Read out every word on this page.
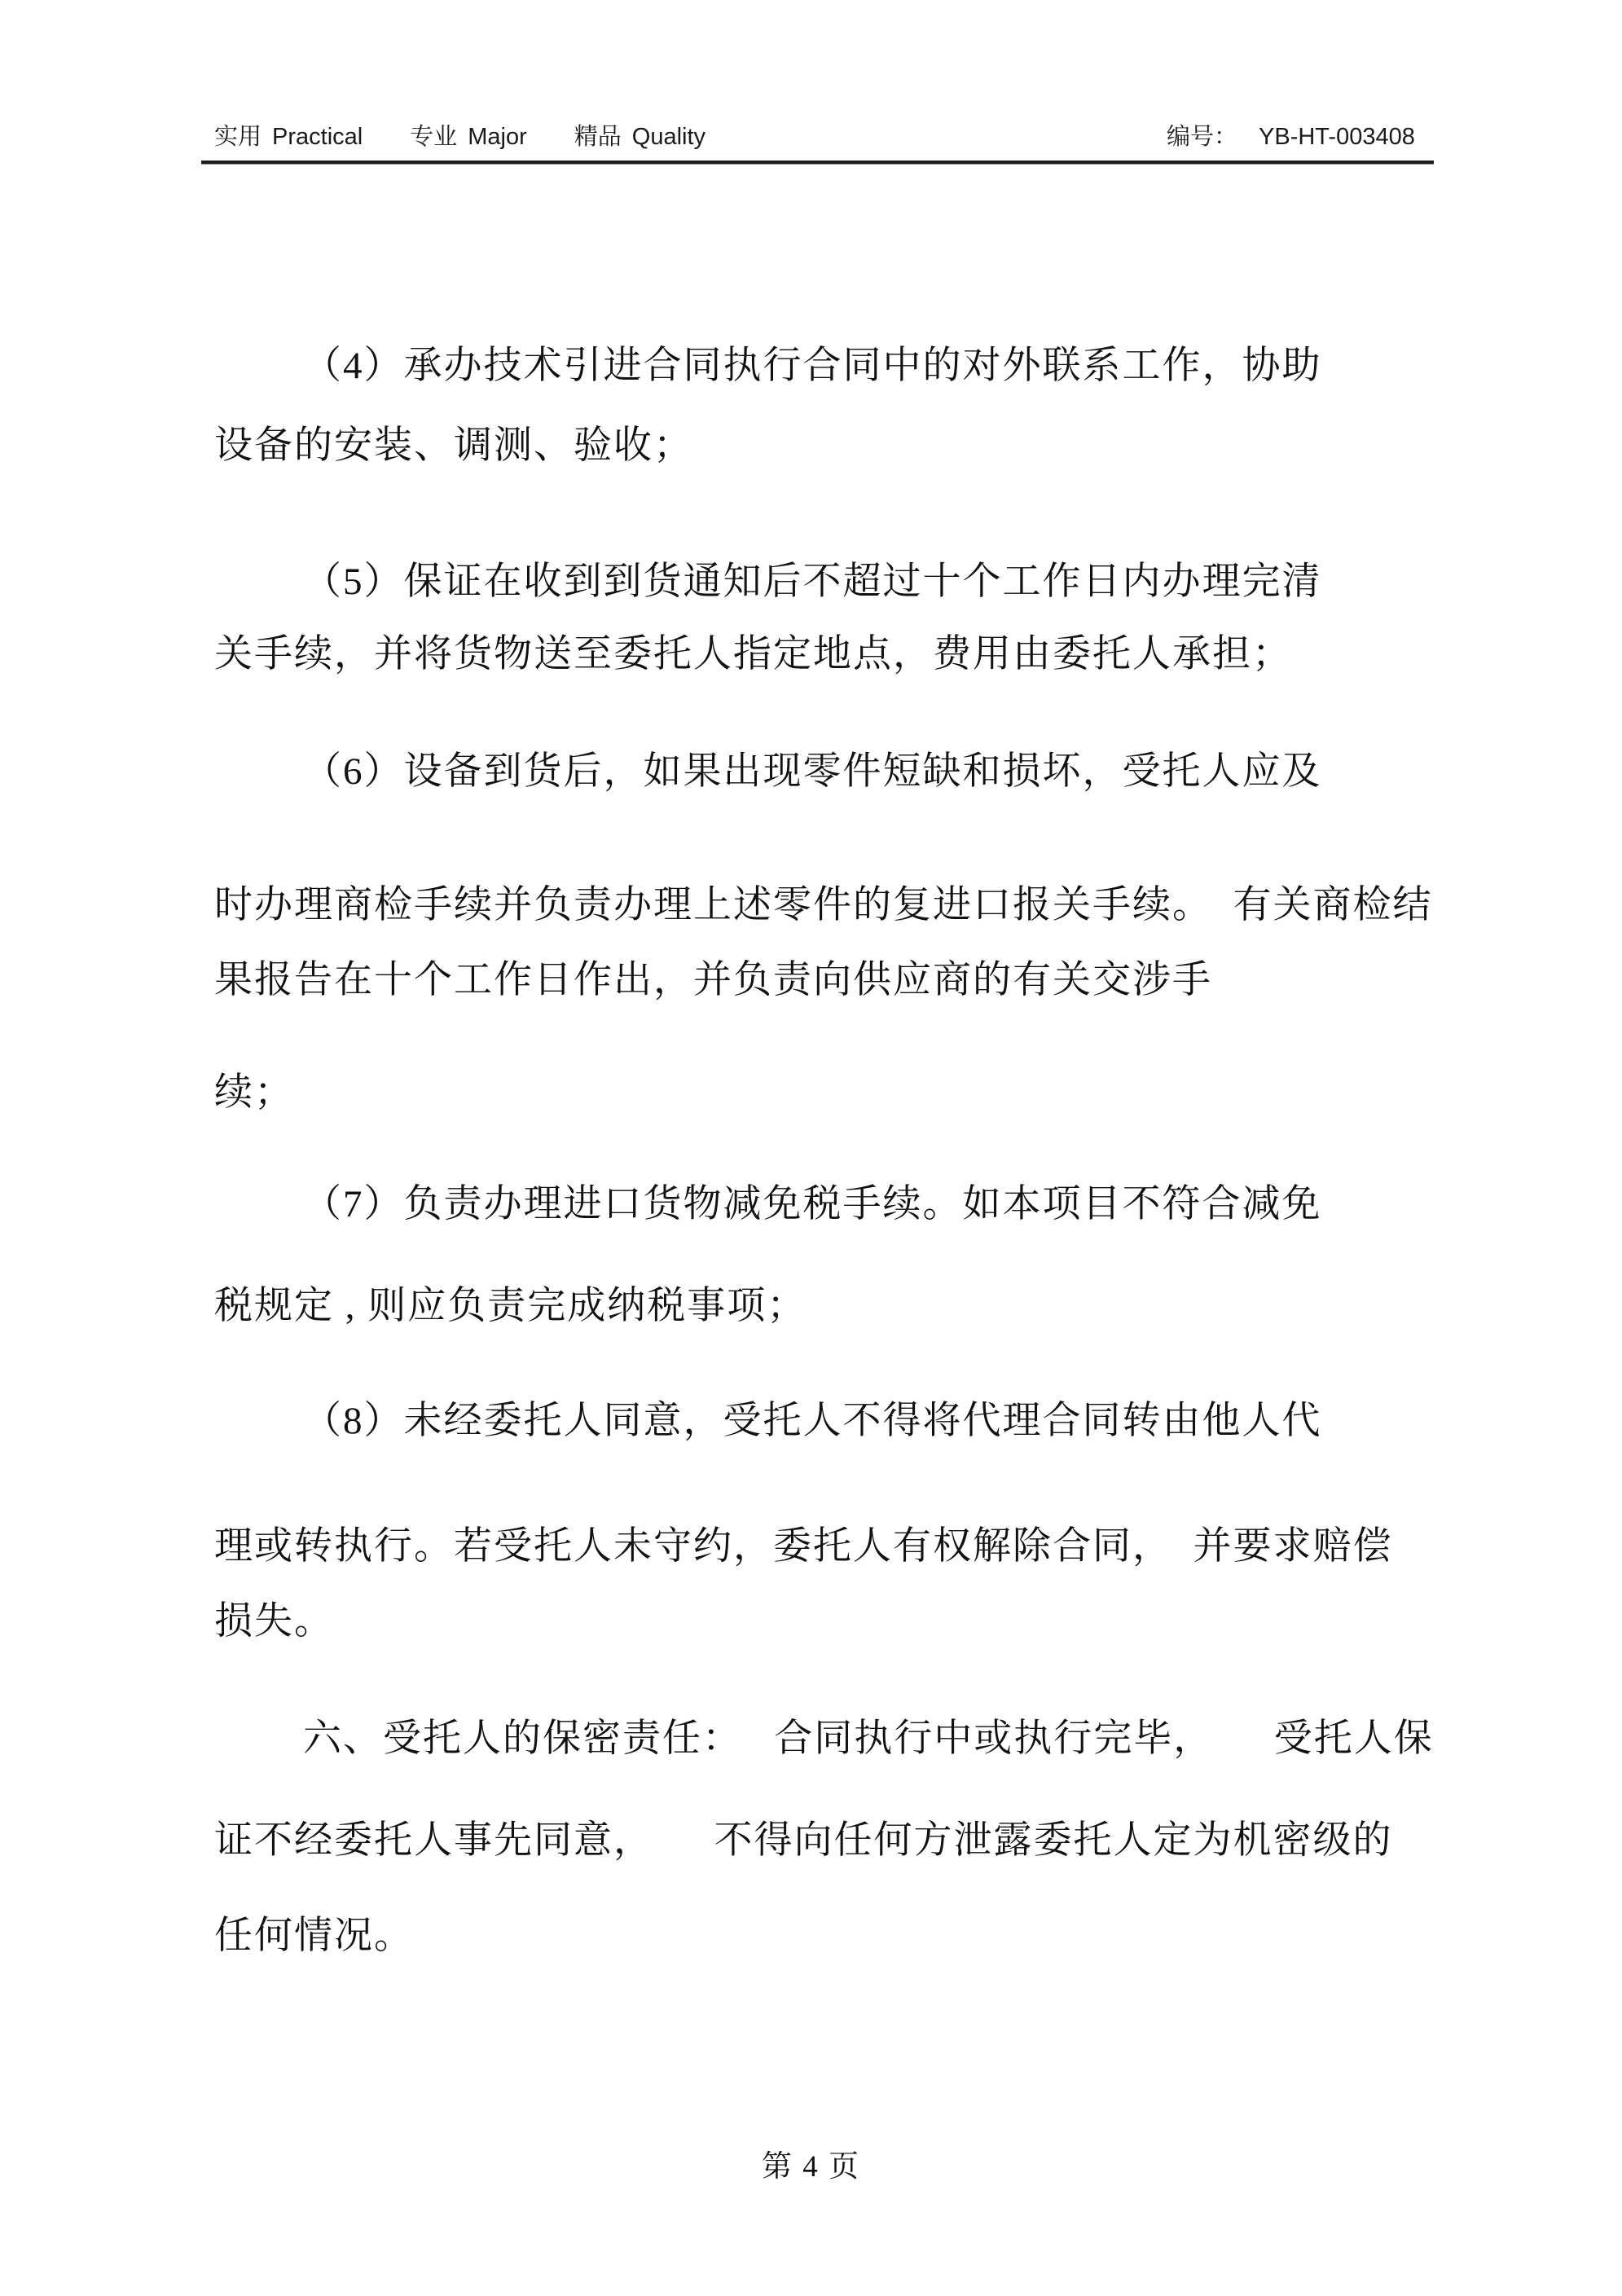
实用 Practical 专业 Major 精品 Quality	编号： YB-HT-003408
（4）承办技术引进合同执行合同中的对外联系工作，协助
设备的安装、调测、验收；
（5）保证在收到到货通知后不超过十个工作日内办理完清
关手续，并将货物送至委托人指定地点，费用由委托人承担；
（6）设备到货后，如果出现零件短缺和损坏，受托人应及
时办理商检手续并负责办理上述零件的复进口报关手续。　有关商检结
果报告在十个工作日作出，并负责向供应商的有关交涉手
续；
（7）负责办理进口货物减免税手续。如本项目不符合减免
税规定 , 则应负责完成纳税事项；
（8）未经委托人同意，受托人不得将代理合同转由他人代
理或转执行。若受托人未守约，委托人有权解除合同，　并要求赔偿
损失。
六、受托人的保密责任：　 合同执行中或执行完毕，　　受托人保
证不经委托人事先同意，　　不得向任何方泄露委托人定为机密级的
任何情况。
第 4 页
